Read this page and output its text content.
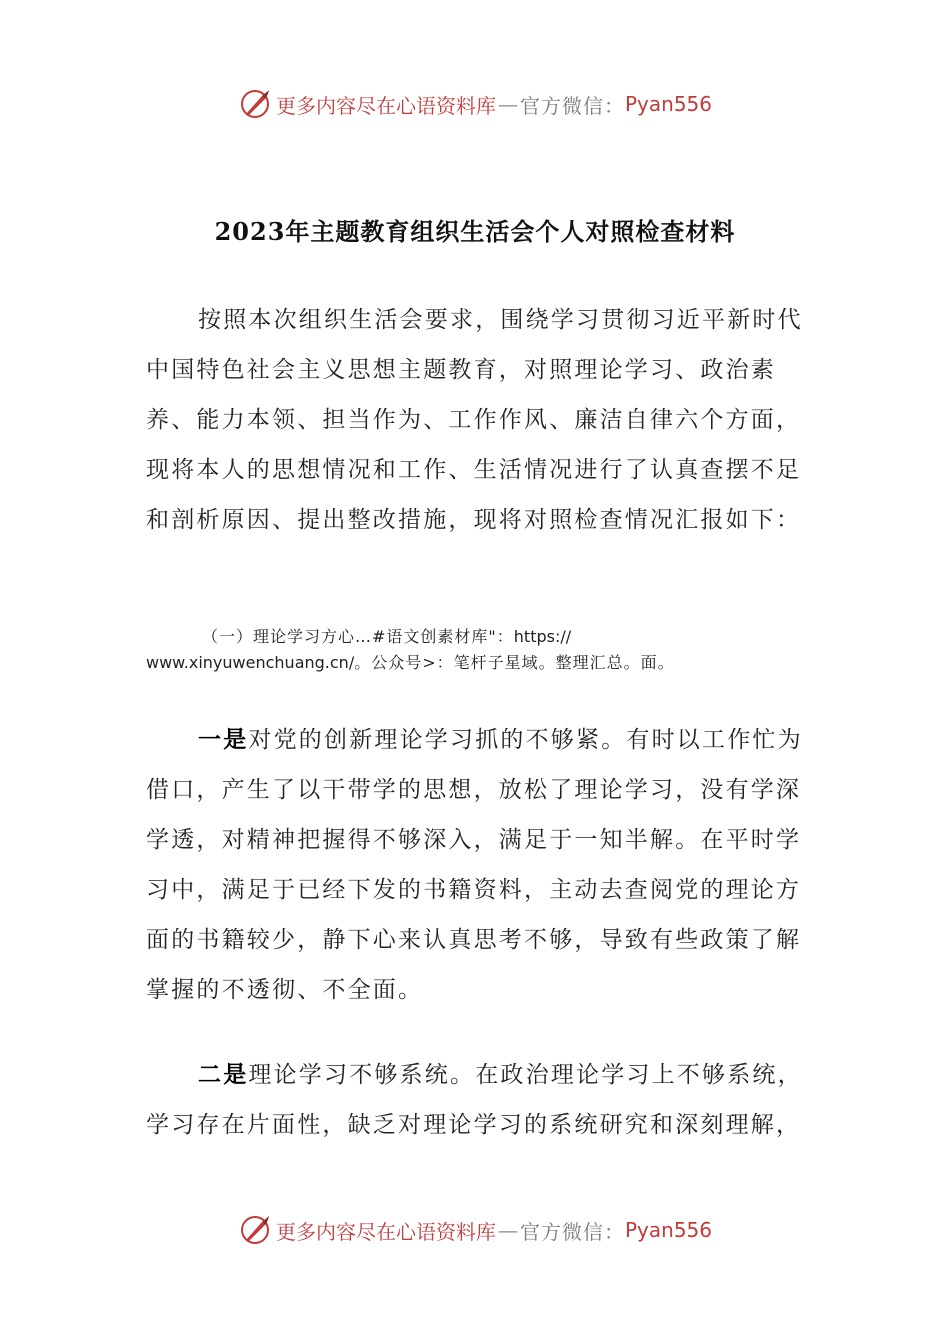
更多内容尽在心语资料库 — 官方微信： Pyan556
2023年主题教育组织生活会个人对照检查材料

按照本次组织生活会要求，围绕学习贯彻习近平新时代中国特色社会主义思想主题教育，对照理论学习、政治素养、能力本领、担当作为、工作作风、廉洁自律六个方面，现将本人的思想情况和工作、生活情况进行了认真查摆不足和剖析原因、提出整改措施，现将对照检查情况汇报如下：

（一）理论学习方心…#语文创素材库"：https://
www.xinyuwenchuang.cn/。公众号>：笔杆子星域。整理汇总。面。

一是对党的创新理论学习抓的不够紧。有时以工作忙为借口，产生了以干带学的思想，放松了理论学习，没有学深学透，对精神把握得不够深入，满足于一知半解。在平时学习中，满足于已经下发的书籍资料，主动去查阅党的理论方面的书籍较少，静下心来认真思考不够，导致有些政策了解掌握的不透彻、不全面。

二是理论学习不够系统。在政治理论学习上不够系统，学习存在片面性，缺乏对理论学习的系统研究和深刻理解，

更多内容尽在心语资料库 — 官方微信： Pyan556
